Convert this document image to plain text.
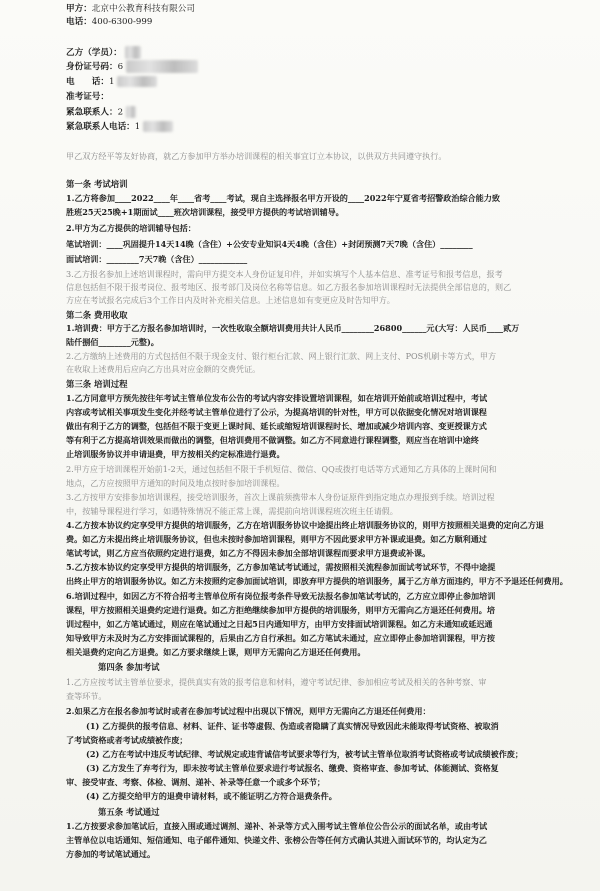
甲方：北京中公教育科技有限公司
电话：400-6300-999
乙方（学员）：
身份证号码：6
电　　话：1
准考证号：
紧急联系人：2
紧急联系人电话：1
甲乙双方经平等友好协商，就乙方参加甲方举办培训课程的相关事宜订立本协议，以供双方共同遵守执行。
第一条 考试培训
1.乙方将参加____2022____年____省考____考试，现自主选择报名甲方开设的____2022年宁夏省考招警政治综合能力致
胜班25天25晚+1期面试____班次培训课程，接受甲方提供的考试培训辅导。
2.甲方为乙方提供的培训辅导包括：
笔试培训：____巩固提升14天14晚（含住）+公安专业知识4天4晚（含住）+封闭预测7天7晚（含住）________
面试培训：________7天7晚（含住）____________
3.乙方报名参加上述培训课程时，需向甲方提交本人身份证复印件，并如实填写个人基本信息、准考证号和报考信息，报考
信息包括但不限于报考岗位、报考地区、报考部门及岗位名称等信息。如乙方报名参加培训课程时无法提供全部信息的，则乙
方应在考试报名完成后3个工作日内及时补充相关信息。上述信息如有变更应及时告知甲方。
第二条 费用收取
1.培训费：甲方于乙方报名参加培训时，一次性收取全额培训费用共计人民币________26800______元(大写：人民币____贰万
陆仟捌佰________元整)。
2.乙方缴纳上述费用的方式包括但不限于现金支付、银行柜台汇款、网上银行汇款、网上支付、POS机刷卡等方式，甲方
在收取上述费用后应向乙方出具对应金额的交费凭证。
第三条 培训过程
1.乙方同意甲方预先按往年考试主管单位发布公告的考试内容安排设置培训课程，如在培训开始前或培训过程中，考试
内容或考试相关事项发生变化并经考试主管单位进行了公示，为提高培训的针对性，甲方可以依据变化情况对培训课程
做出有利于乙方的调整，包括但不限于变更上课时间、延长或缩短培训课程时长、增加或减少培训内容、变更授课方式
等有利于乙方提高培训效果而做出的调整，但培训费用不做调整。如乙方不同意进行课程调整，则应当在培训中途终
止培训服务协议并申请退费，甲方按相关约定标准进行退费。
2.甲方应于培训课程开始前1-2天，通过包括但不限于手机短信、微信、QQ或拨打电话等方式通知乙方具体的上课时间和
地点，乙方应按照甲方通知的时间及地点按时参加培训课程。
3.乙方按甲方安排参加培训课程，接受培训服务，首次上课前须携带本人身份证原件到指定地点办理报到手续。培训过程
中，按辅导课程进行学习，如遇特殊情况不能正常上课，需提前向培训课程班次班主任请假。
4.乙方按本协议约定享受甲方提供的培训服务，乙方在培训服务协议中途提出终止培训服务协议的，则甲方按照相关退费的定向乙方退
费。如乙方未提出终止培训服务协议，但也未按时参加培训课程，则甲方不因此要求甲方补课或退费。如乙方顺利通过
笔试考试，则乙方应当依照约定进行退费，如乙方不得因未参加全部培训课程而要求甲方退费或补课。
5.乙方按本协议约定享受甲方提供的培训服务，乙方参加笔试考试通过，需按照相关流程参加面试考试环节，不得中途提
出终止甲方的培训服务协议。如乙方未按照约定参加面试培训，即放弃甲方提供的培训服务，属于乙方单方面违约，甲方不予退还任何费用。
6.培训过程中，如因乙方不符合招考主管单位所有岗位报考条件导致无法报名参加笔试考试的，乙方应立即停止参加培训
课程，甲方按照相关退费约定进行退费。如乙方拒绝继续参加甲方提供的培训服务，则甲方无需向乙方退还任何费用。培
训过程中，如乙方笔试通过，则应在笔试通过之日起5日内通知甲方，由甲方安排面试培训课程。如乙方未通知或延迟通
知导致甲方未及时为乙方安排面试课程的，后果由乙方自行承担。如乙方笔试未通过，应立即停止参加培训课程，甲方按
相关退费约定向乙方退费。如乙方要求继续上课，则甲方无需向乙方退还任何费用。
第四条 参加考试
1.乙方应按考试主管单位要求，提供真实有效的报考信息和材料，遵守考试纪律、参加相应考试及相关的各种考察、审
查等环节。
2.如果乙方在报名参加考试时或者在参加考试过程中出现以下情况，则甲方无需向乙方退还任何费用：
(1) 乙方提供的报考信息、材料、证件、证书等虚假、伪造或者隐瞒了真实情况导致因此未能取得考试资格、被取消
了考试资格或者考试成绩被作废；
(2) 乙方在考试中违反考试纪律、考试规定或违背诚信考试要求等行为，被考试主管单位取消考试资格或考试成绩被作废；
(3) 乙方发生了弃考行为，即未按考试主管单位要求进行考试报名、缴费、资格审查、参加考试、体能测试、资格复
审、接受审查、考察、体检、调剂、递补、补录等任意一个或多个环节；
(4) 乙方提交给甲方的退费申请材料，或不能证明乙方符合退费条件。
第五条 考试通过
1.乙方按要求参加笔试后，直接入围或通过调剂、递补、补录等方式入围考试主管单位公告公示的面试名单，或由考试
主管单位以电话通知、短信通知、电子邮件通知、快递文件、张榜公告等任何方式确认其进入面试环节的，均认定为乙
方参加的考试笔试通过。
